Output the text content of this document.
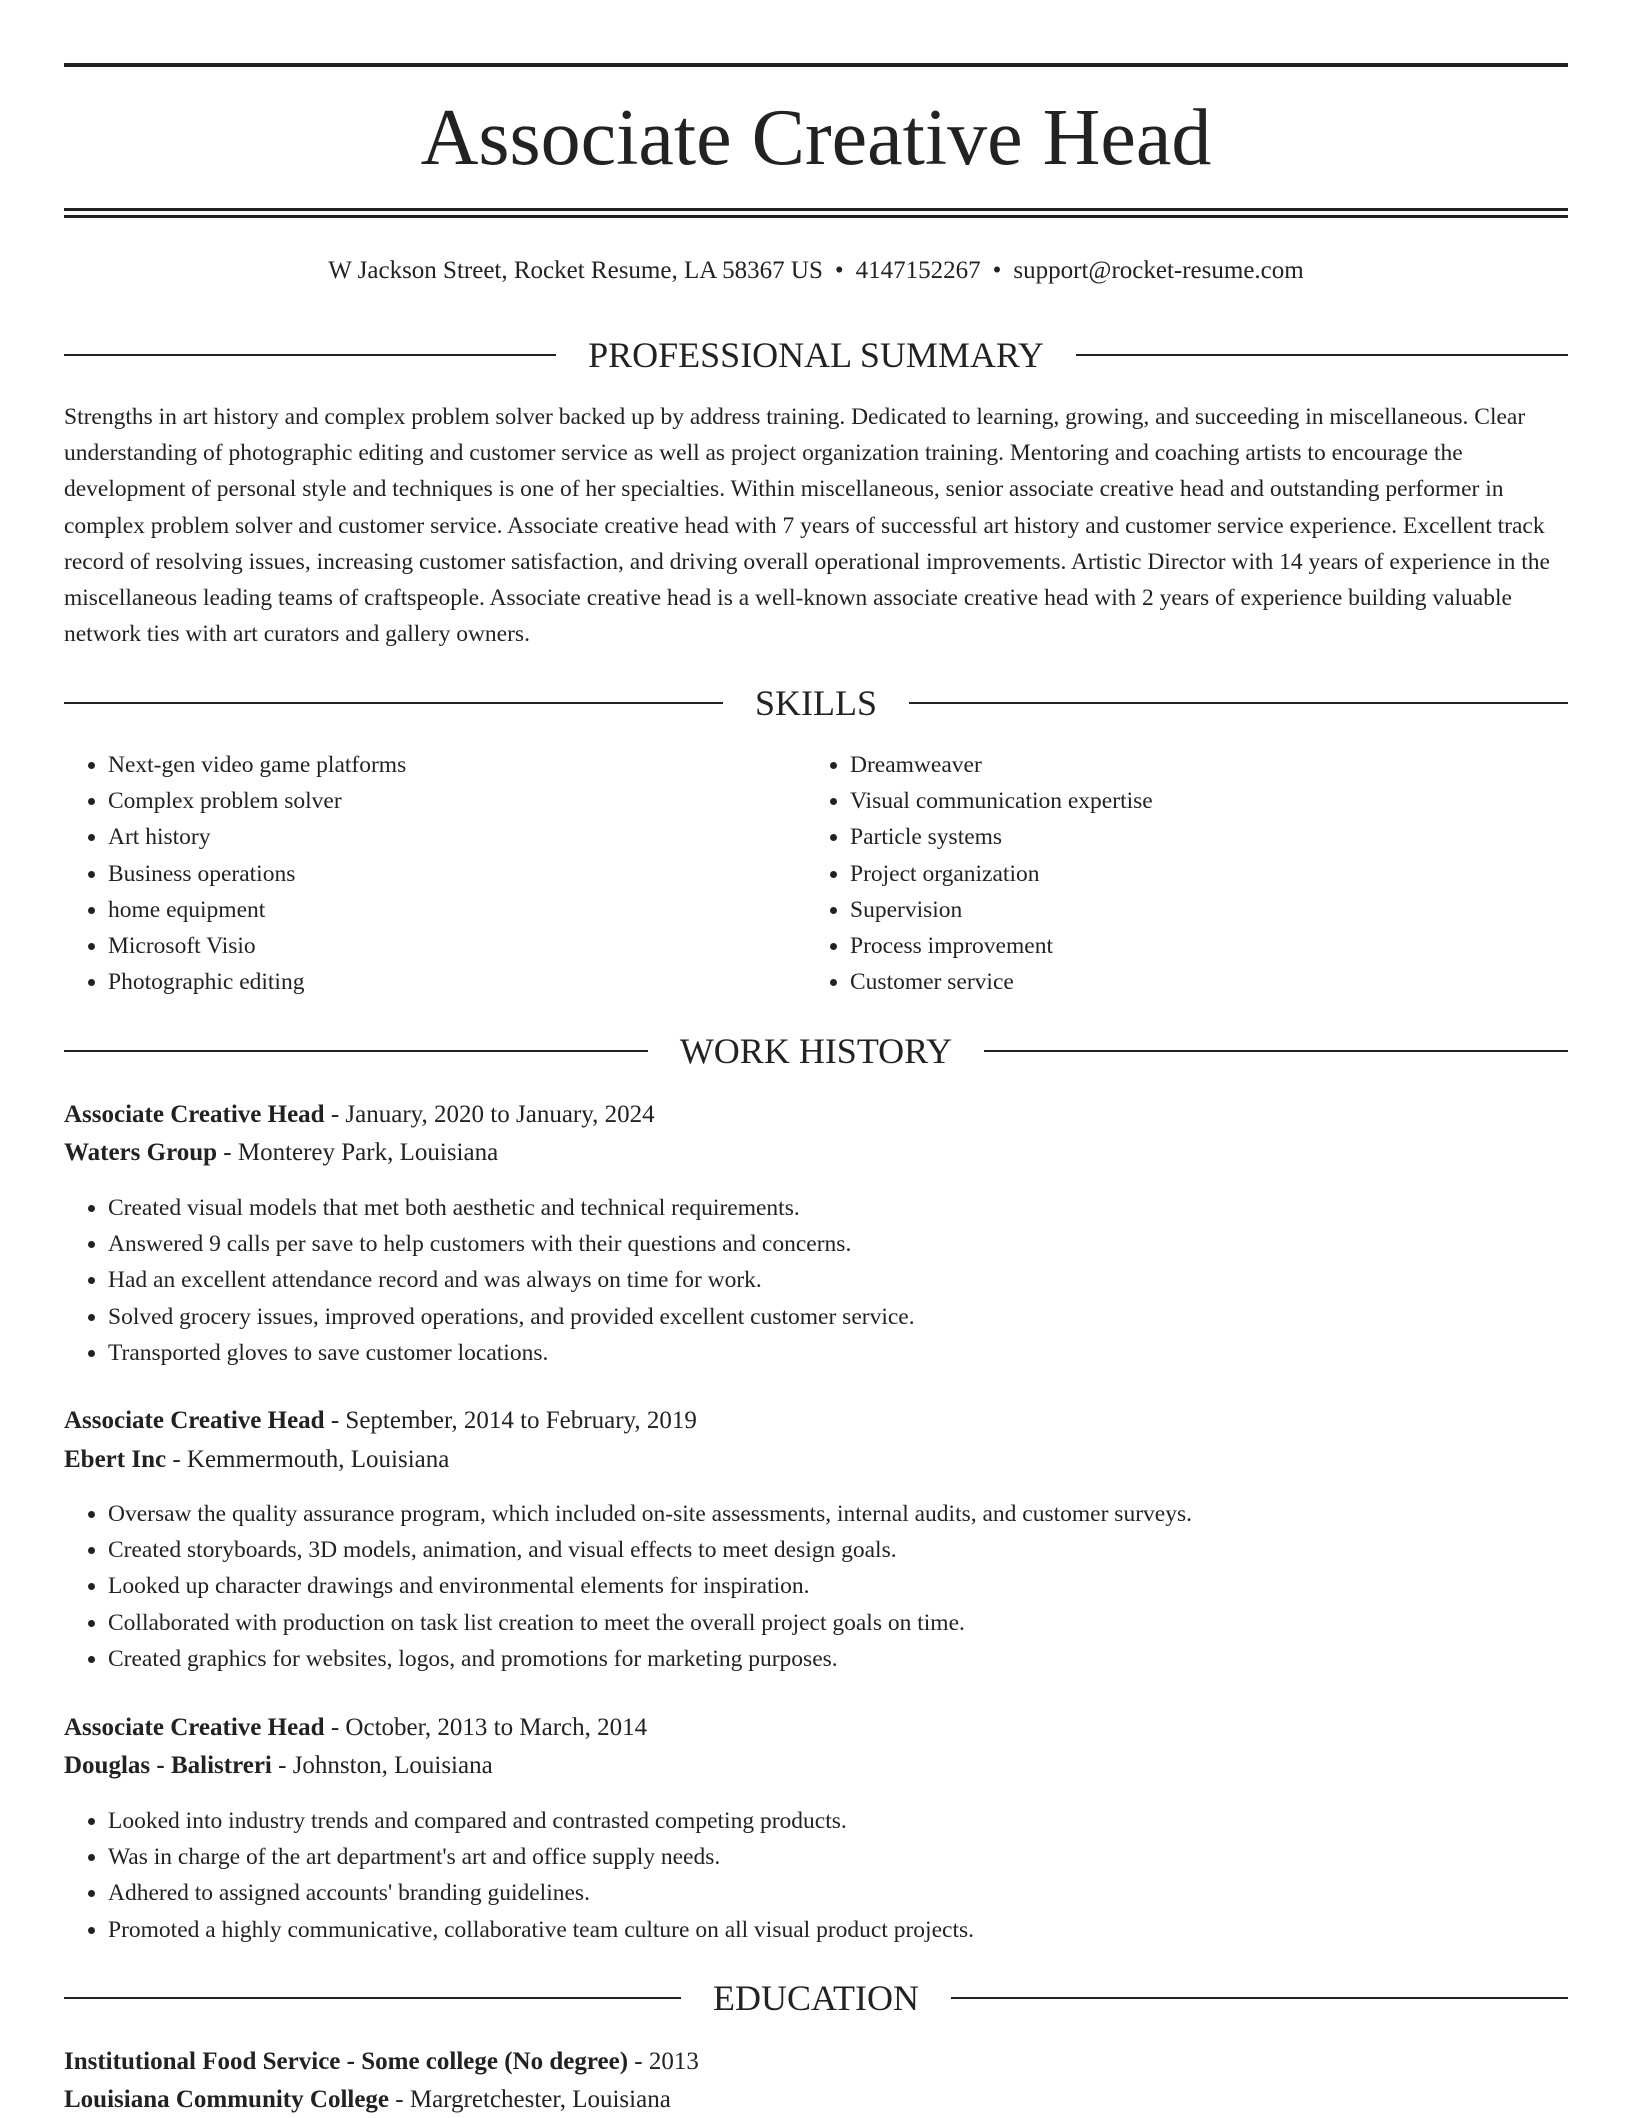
Associate Creative Head
W Jackson Street, Rocket Resume, LA 58367 US • 4147152267 • support@rocket-resume.com
PROFESSIONAL SUMMARY

Strengths in art history and complex problem solver backed up by address training. Dedicated to learning, growing, and succeeding in miscellaneous. Clear understanding of photographic editing and customer service as well as project organization training. Mentoring and coaching artists to encourage the development of personal style and techniques is one of her specialties. Within miscellaneous, senior associate creative head and outstanding performer in complex problem solver and customer service. Associate creative head with 7 years of successful art history and customer service experience. Excellent track record of resolving issues, increasing customer satisfaction, and driving overall operational improvements. Artistic Director with 14 years of experience in the miscellaneous leading teams of craftspeople. Associate creative head is a well-known associate creative head with 2 years of experience building valuable network ties with art curators and gallery owners.

SKILLS
• Next-gen video game platforms
• Complex problem solver
• Art history
• Business operations
• home equipment
• Microsoft Visio
• Photographic editing
• Dreamweaver
• Visual communication expertise
• Particle systems
• Project organization
• Supervision
• Process improvement
• Customer service
WORK HISTORY
Associate Creative Head - January, 2020 to January, 2024
Waters Group - Monterey Park, Louisiana
• Created visual models that met both aesthetic and technical requirements.
• Answered 9 calls per save to help customers with their questions and concerns.
• Had an excellent attendance record and was always on time for work.
• Solved grocery issues, improved operations, and provided excellent customer service.
• Transported gloves to save customer locations.
Associate Creative Head - September, 2014 to February, 2019
Ebert Inc - Kemmermouth, Louisiana
• Oversaw the quality assurance program, which included on-site assessments, internal audits, and customer surveys.
• Created storyboards, 3D models, animation, and visual effects to meet design goals.
• Looked up character drawings and environmental elements for inspiration.
• Collaborated with production on task list creation to meet the overall project goals on time.
• Created graphics for websites, logos, and promotions for marketing purposes.
Associate Creative Head - October, 2013 to March, 2014
Douglas - Balistreri - Johnston, Louisiana
• Looked into industry trends and compared and contrasted competing products.
• Was in charge of the art department's art and office supply needs.
• Adhered to assigned accounts' branding guidelines.
• Promoted a highly communicative, collaborative team culture on all visual product projects.
EDUCATION
Institutional Food Service - Some college (No degree) - 2013
Louisiana Community College - Margretchester, Louisiana
